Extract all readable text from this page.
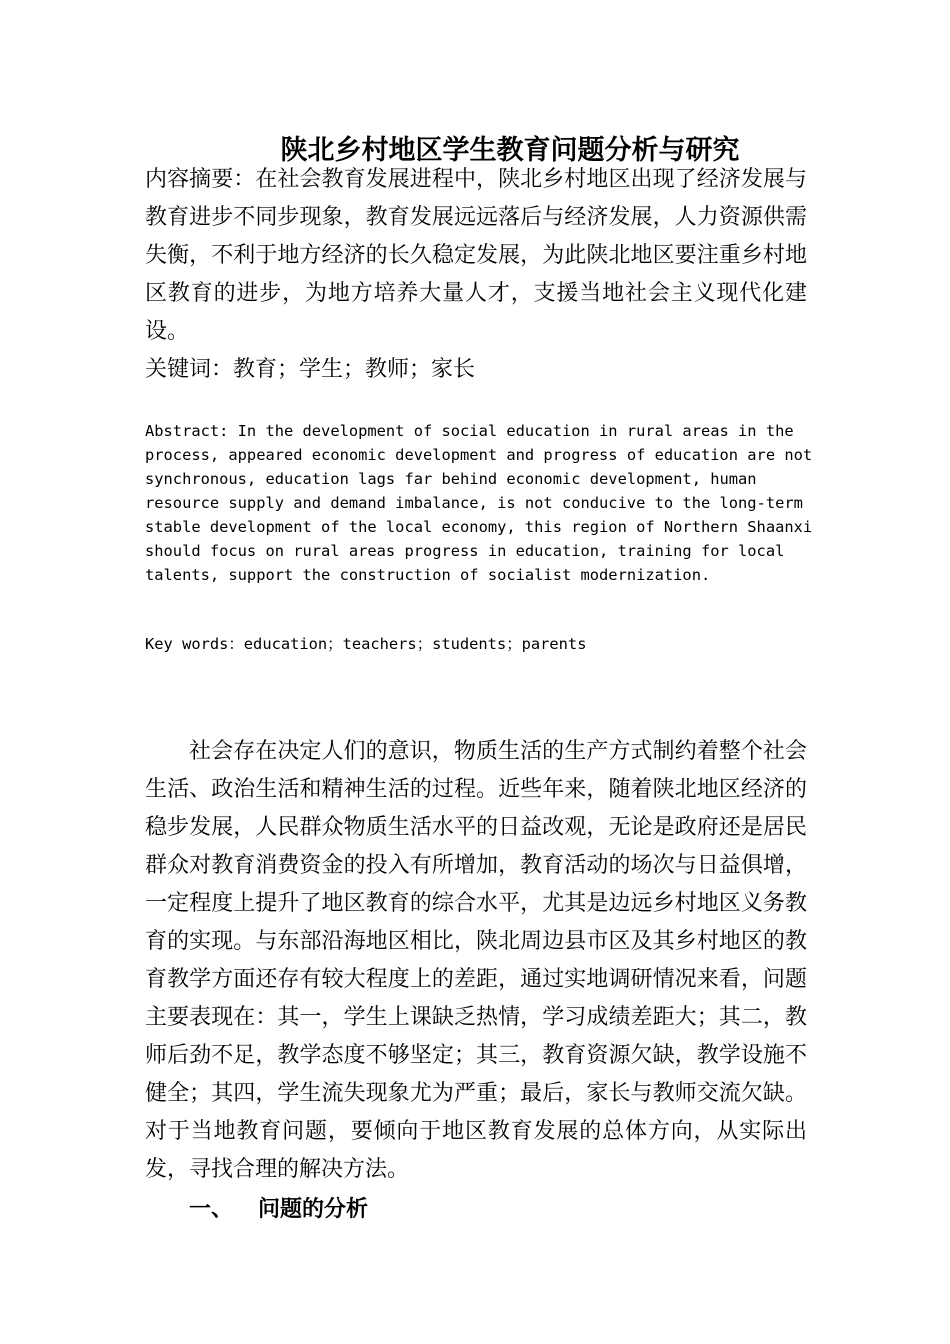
陕北乡村地区学生教育问题分析与研究

内容摘要：在社会教育发展进程中，陕北乡村地区出现了经济发展与教育进步不同步现象，教育发展远远落后与经济发展，人力资源供需失衡，不利于地方经济的长久稳定发展，为此陕北地区要注重乡村地区教育的进步，为地方培养大量人才，支援当地社会主义现代化建设。

关键词：教育；学生；教师；家长

Abstract: In the development of social education in rural areas in the process, appeared economic development and progress of education are not synchronous, education lags far behind economic development, human resource supply and demand imbalance, is not conducive to the long-term stable development of the local economy, this region of Northern Shaanxi should focus on rural areas progress in education, training for local talents, support the construction of socialist modernization.

Key words：education；teachers；students；parents

社会存在决定人们的意识，物质生活的生产方式制约着整个社会生活、政治生活和精神生活的过程。近些年来，随着陕北地区经济的稳步发展，人民群众物质生活水平的日益改观，无论是政府还是居民群众对教育消费资金的投入有所增加，教育活动的场次与日益俱增，一定程度上提升了地区教育的综合水平，尤其是边远乡村地区义务教育的实现。与东部沿海地区相比，陕北周边县市区及其乡村地区的教育教学方面还存有较大程度上的差距，通过实地调研情况来看，问题主要表现在：其一，学生上课缺乏热情，学习成绩差距大；其二，教师后劲不足，教学态度不够坚定；其三，教育资源欠缺，教学设施不健全；其四，学生流失现象尤为严重；最后，家长与教师交流欠缺。对于当地教育问题，要倾向于地区教育发展的总体方向，从实际出发，寻找合理的解决方法。

一、 问题的分析
